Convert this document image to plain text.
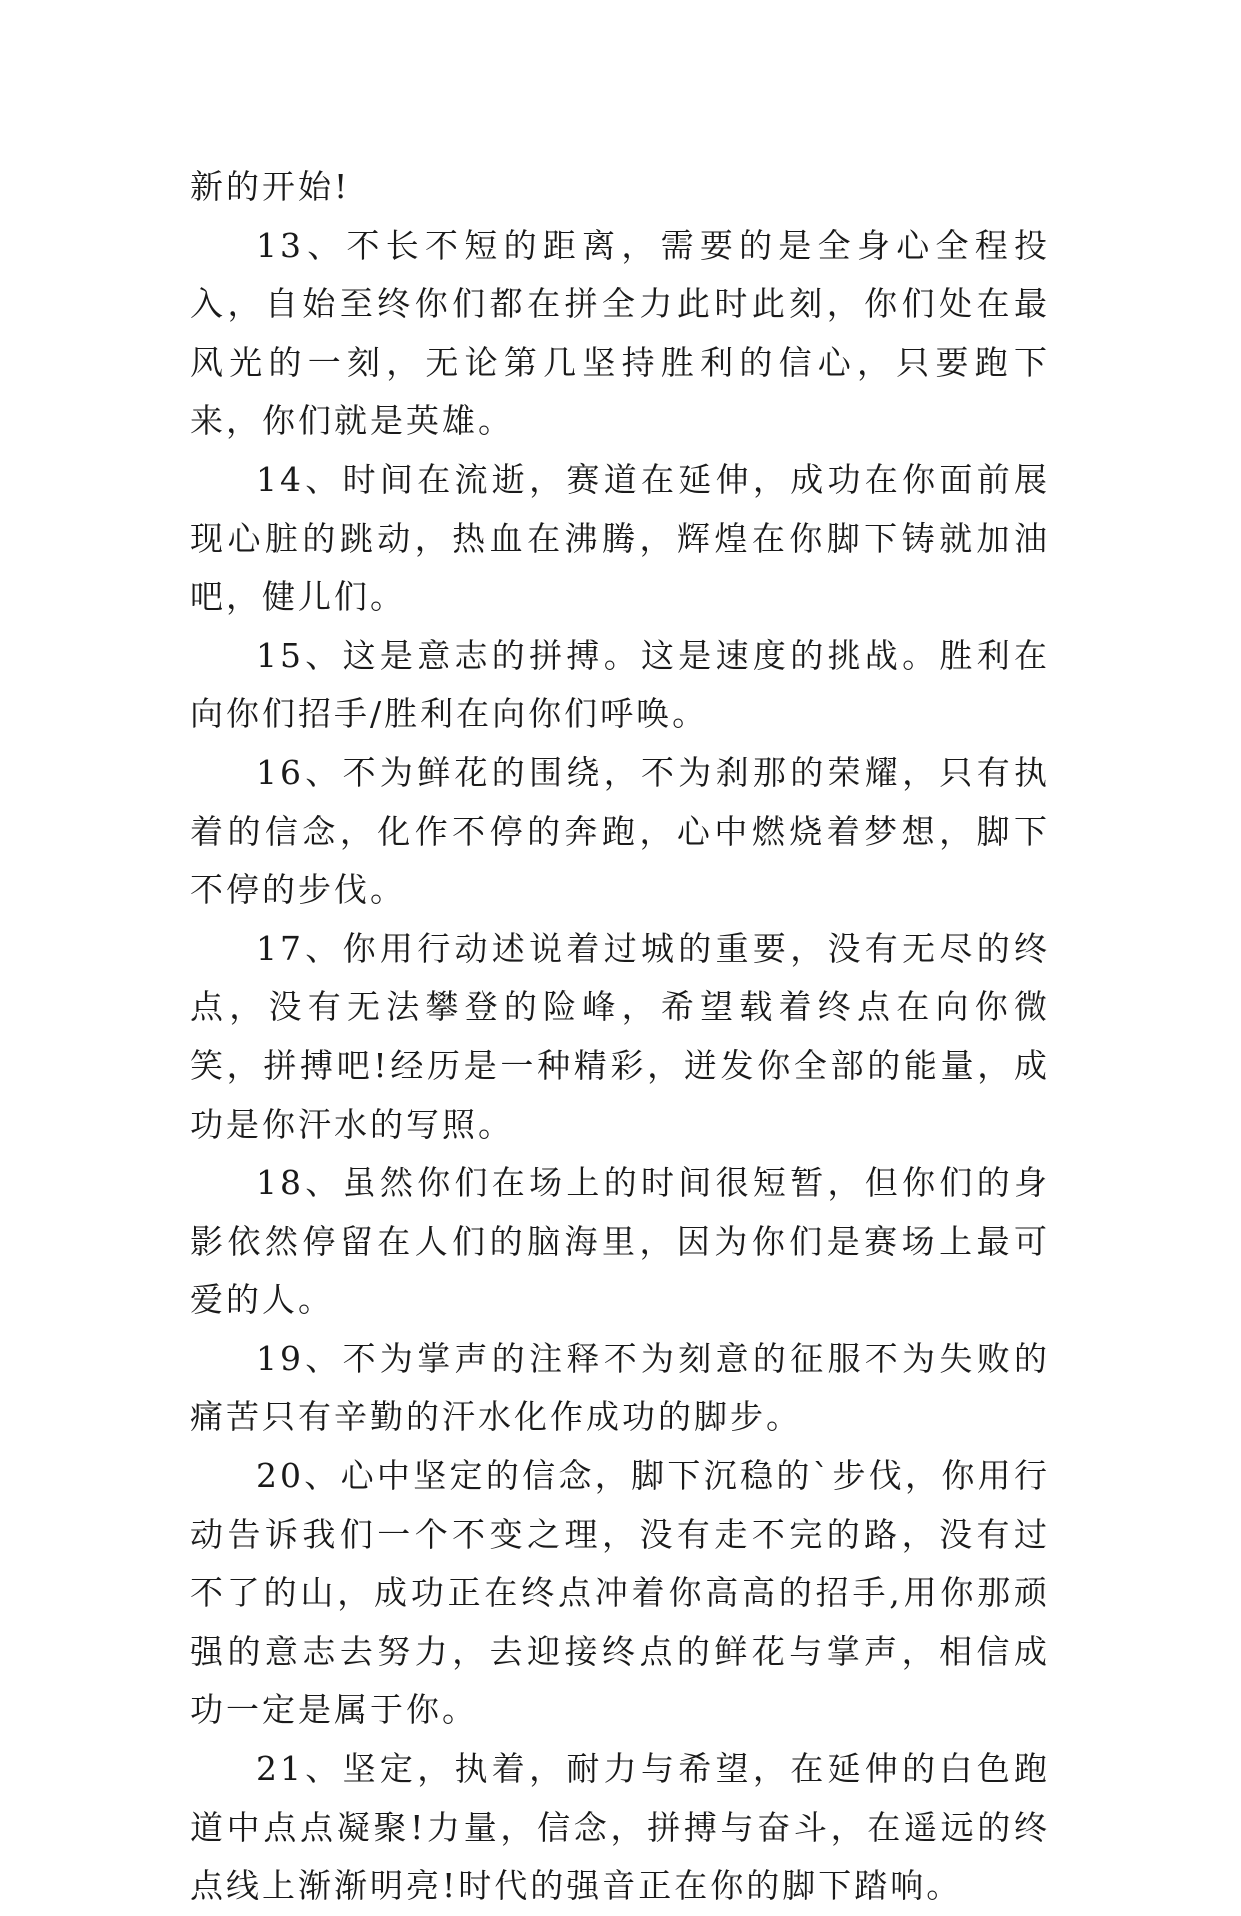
新的开始!

13、不长不短的距离，需要的是全身心全程投入，自始至终你们都在拼全力此时此刻，你们处在最风光的一刻，无论第几坚持胜利的信心，只要跑下来，你们就是英雄。

14、时间在流逝，赛道在延伸，成功在你面前展现心脏的跳动，热血在沸腾，辉煌在你脚下铸就加油吧，健儿们。

15、这是意志的拼搏。这是速度的挑战。胜利在向你们招手/胜利在向你们呼唤。

16、不为鲜花的围绕，不为刹那的荣耀，只有执着的信念，化作不停的奔跑，心中燃烧着梦想，脚下不停的步伐。

17、你用行动述说着过城的重要，没有无尽的终点，没有无法攀登的险峰，希望载着终点在向你微笑，拼搏吧!经历是一种精彩，迸发你全部的能量，成功是你汗水的写照。

18、虽然你们在场上的时间很短暂，但你们的身影依然停留在人们的脑海里，因为你们是赛场上最可爱的人。

19、不为掌声的注释不为刻意的征服不为失败的痛苦只有辛勤的汗水化作成功的脚步。

20、心中坚定的信念，脚下沉稳的`步伐，你用行动告诉我们一个不变之理，没有走不完的路，没有过不了的山，成功正在终点冲着你高高的招手,用你那顽强的意志去努力，去迎接终点的鲜花与掌声，相信成功一定是属于你。

21、坚定，执着，耐力与希望，在延伸的白色跑道中点点凝聚!力量，信念，拼搏与奋斗，在遥远的终点线上渐渐明亮!时代的强音正在你的脚下踏响。
